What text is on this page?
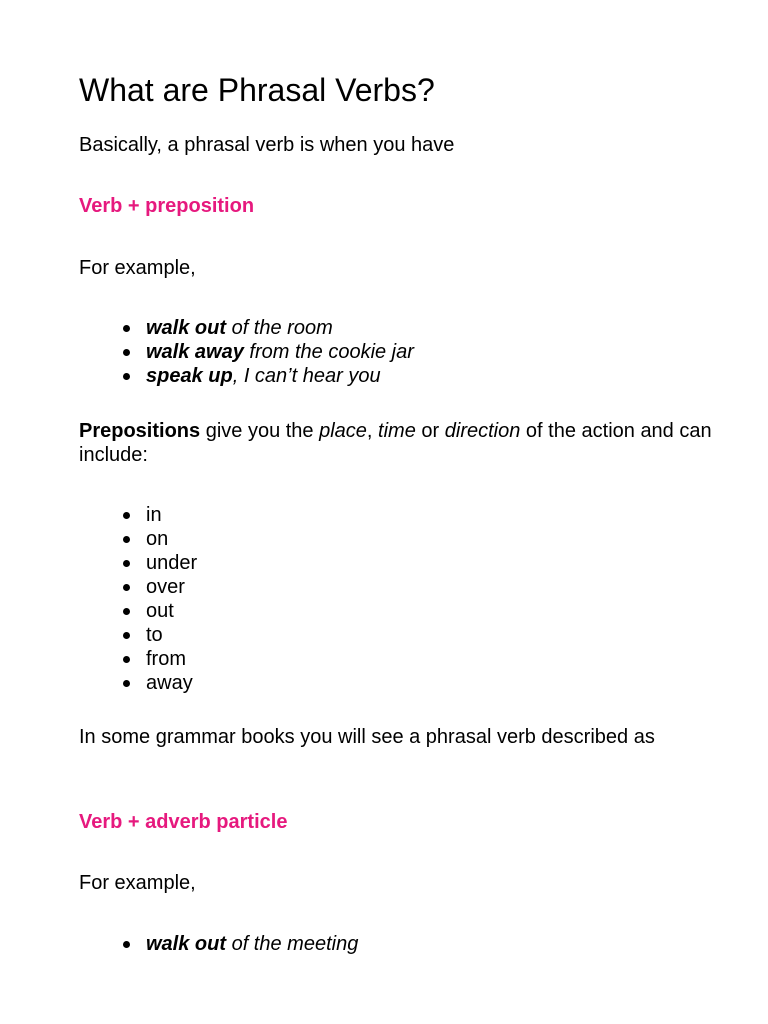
What are Phrasal Verbs?

Basically, a phrasal verb is when you have

Verb + preposition

For example,

walk out of the room
walk away from the cookie jar
speak up, I can’t hear you

Prepositions give you the place, time or direction of the action and can include:

in
on
under
over
out
to
from
away

In some grammar books you will see a phrasal verb described as

Verb + adverb particle

For example,

walk out of the meeting
